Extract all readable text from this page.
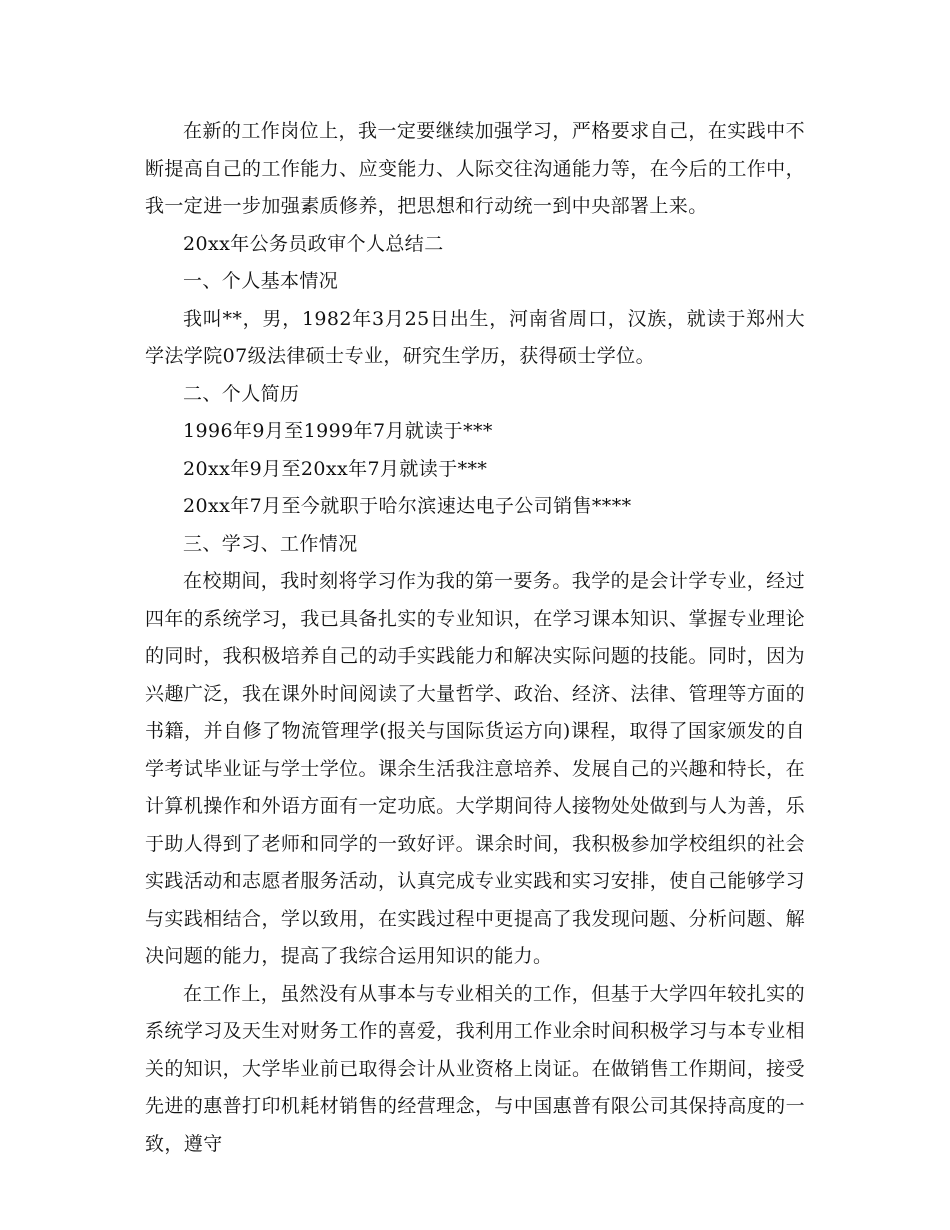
在新的工作岗位上，我一定要继续加强学习，严格要求自己，在实践中不断提高自己的工作能力、应变能力、人际交往沟通能力等，在今后的工作中，我一定进一步加强素质修养，把思想和行动统一到中央部署上来。

20xx年公务员政审个人总结二

一、个人基本情况

我叫**，男，1982年3月25日出生，河南省周口，汉族，就读于郑州大学法学院07级法律硕士专业，研究生学历，获得硕士学位。

二、个人简历

1996年9月至1999年7月就读于***

20xx年9月至20xx年7月就读于***

20xx年7月至今就职于哈尔滨速达电子公司销售****

三、学习、工作情况

在校期间，我时刻将学习作为我的第一要务。我学的是会计学专业，经过四年的系统学习，我已具备扎实的专业知识，在学习课本知识、掌握专业理论的同时，我积极培养自己的动手实践能力和解决实际问题的技能。同时，因为兴趣广泛，我在课外时间阅读了大量哲学、政治、经济、法律、管理等方面的书籍，并自修了物流管理学(报关与国际货运方向)课程，取得了国家颁发的自学考试毕业证与学士学位。课余生活我注意培养、发展自己的兴趣和特长，在计算机操作和外语方面有一定功底。大学期间待人接物处处做到与人为善，乐于助人得到了老师和同学的一致好评。课余时间，我积极参加学校组织的社会实践活动和志愿者服务活动，认真完成专业实践和实习安排，使自己能够学习与实践相结合，学以致用，在实践过程中更提高了我发现问题、分析问题、解决问题的能力，提高了我综合运用知识的能力。

在工作上，虽然没有从事本与专业相关的工作，但基于大学四年较扎实的系统学习及天生对财务工作的喜爱，我利用工作业余时间积极学习与本专业相关的知识，大学毕业前已取得会计从业资格上岗证。在做销售工作期间，接受先进的惠普打印机耗材销售的经营理念，与中国惠普有限公司其保持高度的一致，遵守
